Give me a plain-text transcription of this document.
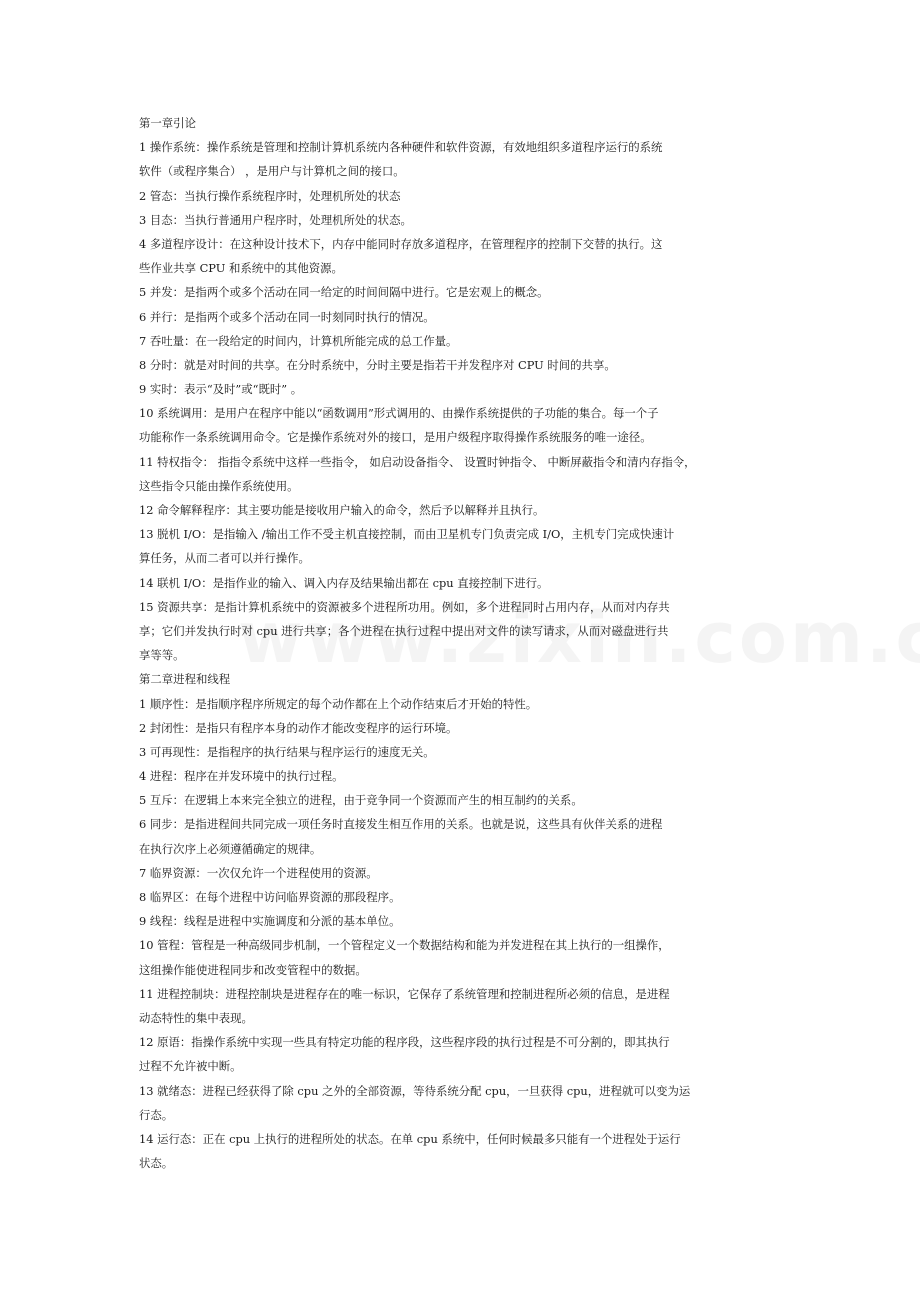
第一章引论
1 操作系统：操作系统是管理和控制计算机系统内各种硬件和软件资源，有效地组织多道程序运行的系统
软件（或程序集合） ，是用户与计算机之间的接口。
2 管态：当执行操作系统程序时，处理机所处的状态
3 目态：当执行普通用户程序时，处理机所处的状态。
4 多道程序设计：在这种设计技术下，内存中能同时存放多道程序，在管理程序的控制下交替的执行。这
些作业共享 CPU 和系统中的其他资源。
5 并发：是指两个或多个活动在同一给定的时间间隔中进行。它是宏观上的概念。
6 并行：是指两个或多个活动在同一时刻同时执行的情况。
7 吞吐量：在一段给定的时间内，计算机所能完成的总工作量。
8 分时：就是对时间的共享。在分时系统中，分时主要是指若干并发程序对 CPU 时间的共享。
9 实时：表示“及时”或“既时” 。
10 系统调用：是用户在程序中能以“函数调用”形式调用的、由操作系统提供的子功能的集合。每一个子
功能称作一条系统调用命令。它是操作系统对外的接口，是用户级程序取得操作系统服务的唯一途径。
11 特权指令： 指指令系统中这样一些指令， 如启动设备指令、 设置时钟指令、 中断屏蔽指令和清内存指令，
这些指令只能由操作系统使用。
12 命令解释程序：其主要功能是接收用户输入的命令，然后予以解释并且执行。
13 脱机 I/O：是指输入 /输出工作不受主机直接控制，而由卫星机专门负责完成 I/O，主机专门完成快速计
算任务，从而二者可以并行操作。
14 联机 I/O：是指作业的输入、调入内存及结果输出都在 cpu 直接控制下进行。
15 资源共享：是指计算机系统中的资源被多个进程所功用。例如，多个进程同时占用内存，从而对内存共
享；它们并发执行时对 cpu 进行共享；各个进程在执行过程中提出对文件的读写请求，从而对磁盘进行共
享等等。
第二章进程和线程
1 顺序性：是指顺序程序所规定的每个动作都在上个动作结束后才开始的特性。
2 封闭性：是指只有程序本身的动作才能改变程序的运行环境。
3 可再现性：是指程序的执行结果与程序运行的速度无关。
4 进程：程序在并发环境中的执行过程。
5 互斥：在逻辑上本来完全独立的进程，由于竞争同一个资源而产生的相互制约的关系。
6 同步：是指进程间共同完成一项任务时直接发生相互作用的关系。也就是说，这些具有伙伴关系的进程
在执行次序上必须遵循确定的规律。
7 临界资源：一次仅允许一个进程使用的资源。
8 临界区：在每个进程中访问临界资源的那段程序。
9 线程：线程是进程中实施调度和分派的基本单位。
10 管程：管程是一种高级同步机制，一个管程定义一个数据结构和能为并发进程在其上执行的一组操作，
这组操作能使进程同步和改变管程中的数据。
11 进程控制块：进程控制块是进程存在的唯一标识，它保存了系统管理和控制进程所必须的信息，是进程
动态特性的集中表现。
12 原语：指操作系统中实现一些具有特定功能的程序段，这些程序段的执行过程是不可分割的，即其执行
过程不允许被中断。
13 就绪态：进程已经获得了除 cpu 之外的全部资源，等待系统分配 cpu，一旦获得 cpu，进程就可以变为运
行态。
14 运行态：正在 cpu 上执行的进程所处的状态。在单 cpu 系统中，任何时候最多只能有一个进程处于运行
状态。
